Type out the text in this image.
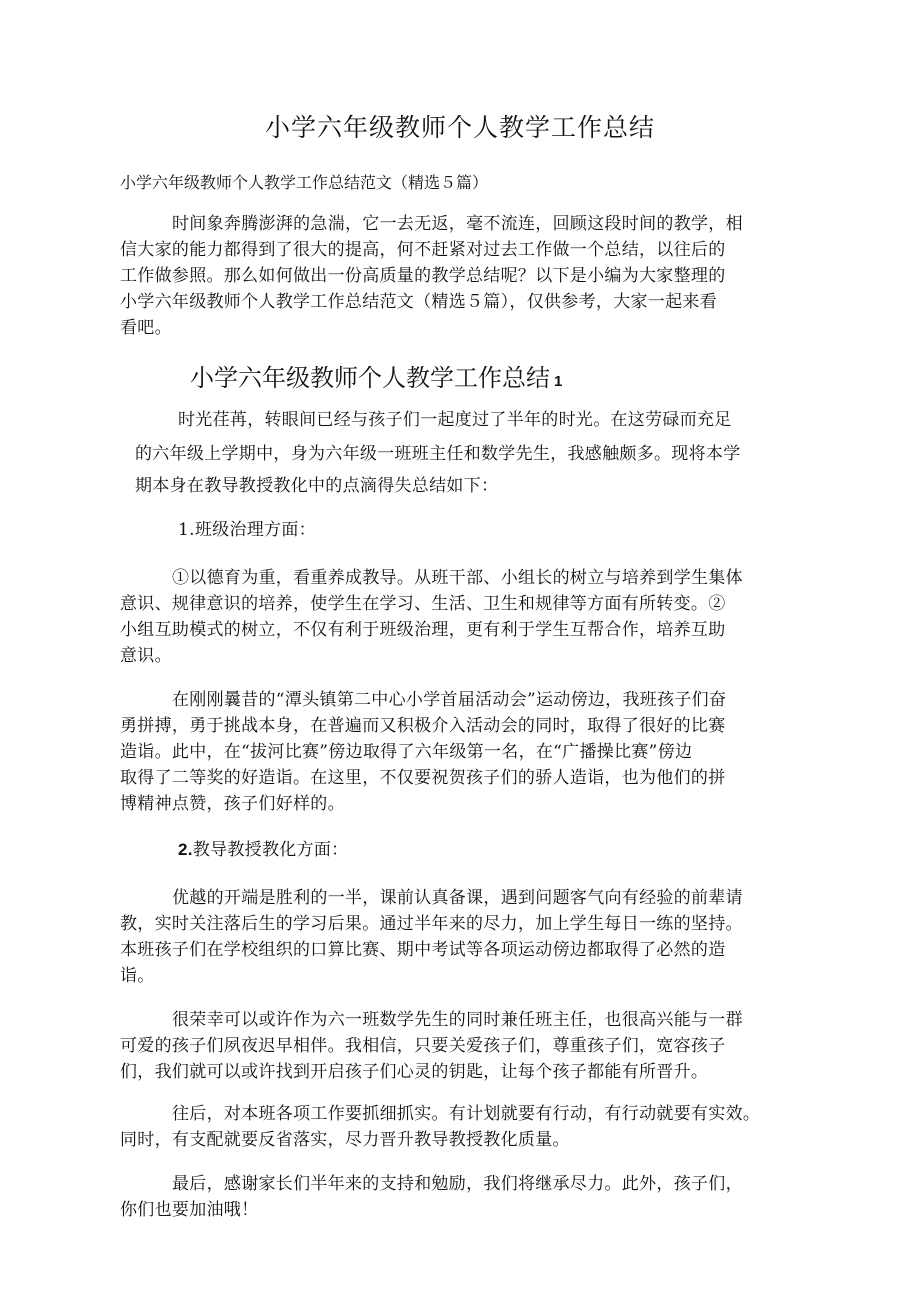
小学六年级教师个人教学工作总结
小学六年级教师个人教学工作总结范文（精选５篇）
时间象奔腾澎湃的急湍，它一去无返，毫不流连，回顾这段时间的教学，相
信大家的能力都得到了很大的提高，何不赶紧对过去工作做一个总结，以往后的
工作做参照。那么如何做出一份高质量的教学总结呢？以下是小编为大家整理的
小学六年级教师个人教学工作总结范文（精选５篇），仅供参考，大家一起来看
看吧。
小学六年级教师个人教学工作总结 1
时光荏苒，转眼间已经与孩子们一起度过了半年的时光。在这劳碌而充足
的六年级上学期中，身为六年级一班班主任和数学先生，我感触颇多。现将本学
期本身在教导教授教化中的点滴得失总结如下：
1.班级治理方面：
①以德育为重，看重养成教导。从班干部、小组长的树立与培养到学生集体
意识、规律意识的培养，使学生在学习、生活、卫生和规律等方面有所转变。②
小组互助模式的树立，不仅有利于班级治理，更有利于学生互帮合作，培养互助
意识。
在刚刚曩昔的“潭头镇第二中心小学首届活动会”运动傍边，我班孩子们奋
勇拼搏，勇于挑战本身，在普遍而又积极介入活动会的同时，取得了很好的比赛
造诣。此中，在“拔河比赛”傍边取得了六年级第一名，在“广播操比赛”傍边
取得了二等奖的好造诣。在这里，不仅要祝贺孩子们的骄人造诣，也为他们的拼
博精神点赞，孩子们好样的。
2.教导教授教化方面：
优越的开端是胜利的一半，课前认真备课，遇到问题客气向有经验的前辈请
教，实时关注落后生的学习后果。通过半年来的尽力，加上学生每日一练的坚持。
本班孩子们在学校组织的口算比赛、期中考试等各项运动傍边都取得了必然的造
诣。
很荣幸可以或许作为六一班数学先生的同时兼任班主任，也很高兴能与一群
可爱的孩子们夙夜迟早相伴。我相信，只要关爱孩子们，尊重孩子们，宽容孩子
们，我们就可以或许找到开启孩子们心灵的钥匙，让每个孩子都能有所晋升。
往后，对本班各项工作要抓细抓实。有计划就要有行动，有行动就要有实效。
同时，有支配就要反省落实，尽力晋升教导教授教化质量。
最后，感谢家长们半年来的支持和勉励，我们将继承尽力。此外，孩子们，
你们也要加油哦！
